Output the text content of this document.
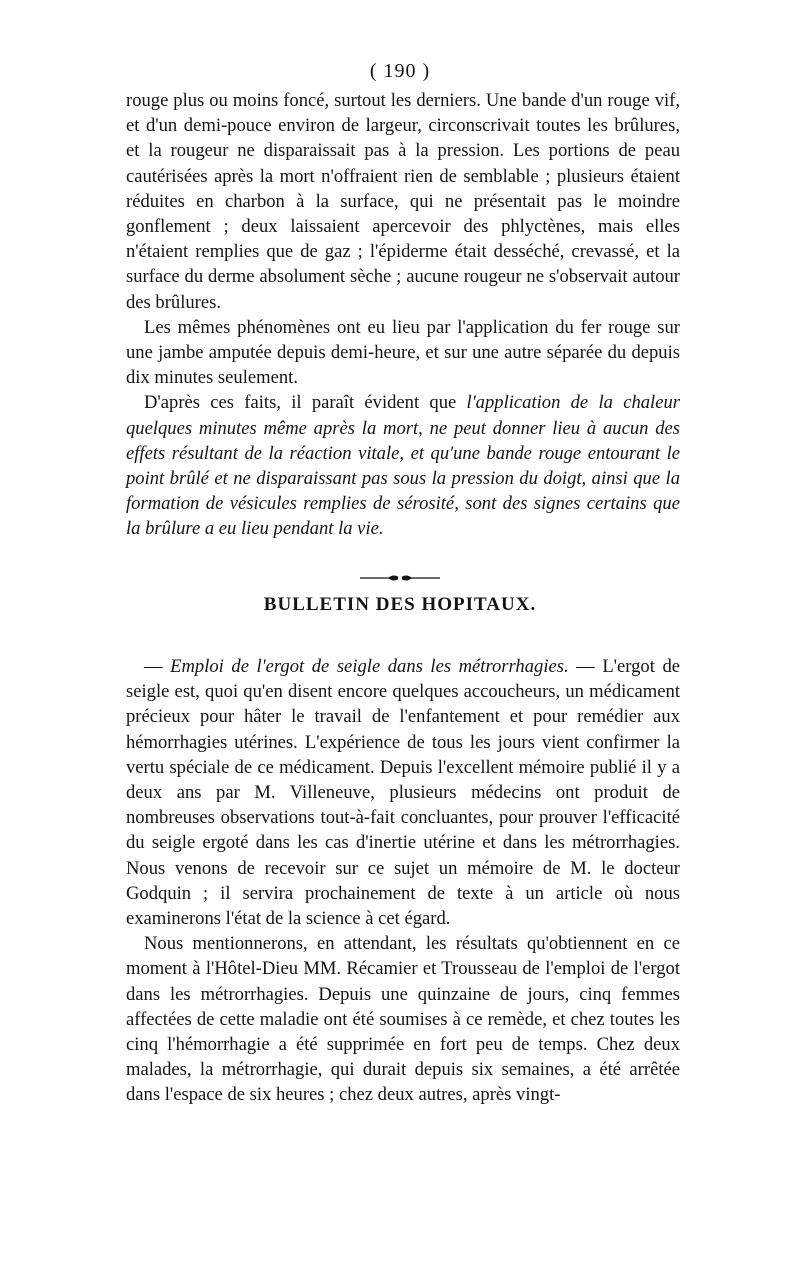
( 190 )

rouge plus ou moins foncé, surtout les derniers. Une bande d'un rouge vif, et d'un demi-pouce environ de largeur, circonscrivait toutes les brûlures, et la rougeur ne disparaissait pas à la pression. Les portions de peau cautérisées après la mort n'offraient rien de semblable ; plusieurs étaient réduites en charbon à la surface, qui ne présentait pas le moindre gonflement ; deux laissaient apercevoir des phlyctènes, mais elles n'étaient remplies que de gaz ; l'épiderme était desséché, crevassé, et la surface du derme absolument sèche ; aucune rougeur ne s'observait autour des brûlures.

Les mêmes phénomènes ont eu lieu par l'application du fer rouge sur une jambe amputée depuis demi-heure, et sur une autre séparée du depuis dix minutes seulement.

D'après ces faits, il paraît évident que l'application de la chaleur quelques minutes même après la mort, ne peut donner lieu à aucun des effets résultant de la réaction vitale, et qu'une bande rouge entourant le point brûlé et ne disparaissant pas sous la pression du doigt, ainsi que la formation de vésicules remplies de sérosité, sont des signes certains que la brûlure a eu lieu pendant la vie.

BULLETIN DES HOPITAUX.

— Emploi de l'ergot de seigle dans les métrorrhagies. — L'ergot de seigle est, quoi qu'en disent encore quelques accoucheurs, un médicament précieux pour hâter le travail de l'enfantement et pour remédier aux hémorrhagies utérines. L'expérience de tous les jours vient confirmer la vertu spéciale de ce médicament. Depuis l'excellent mémoire publié il y a deux ans par M. Villeneuve, plusieurs médecins ont produit de nombreuses observations tout-à-fait concluantes, pour prouver l'efficacité du seigle ergoté dans les cas d'inertie utérine et dans les métrorrhagies. Nous venons de recevoir sur ce sujet un mémoire de M. le docteur Godquin ; il servira prochainement de texte à un article où nous examinerons l'état de la science à cet égard.

Nous mentionnerons, en attendant, les résultats qu'obtiennent en ce moment à l'Hôtel-Dieu MM. Récamier et Trousseau de l'emploi de l'ergot dans les métrorrhagies. Depuis une quinzaine de jours, cinq femmes affectées de cette maladie ont été soumises à ce remède, et chez toutes les cinq l'hémorrhagie a été supprimée en fort peu de temps. Chez deux malades, la métrorrhagie, qui durait depuis six semaines, a été arrêtée dans l'espace de six heures ; chez deux autres, après vingt-
